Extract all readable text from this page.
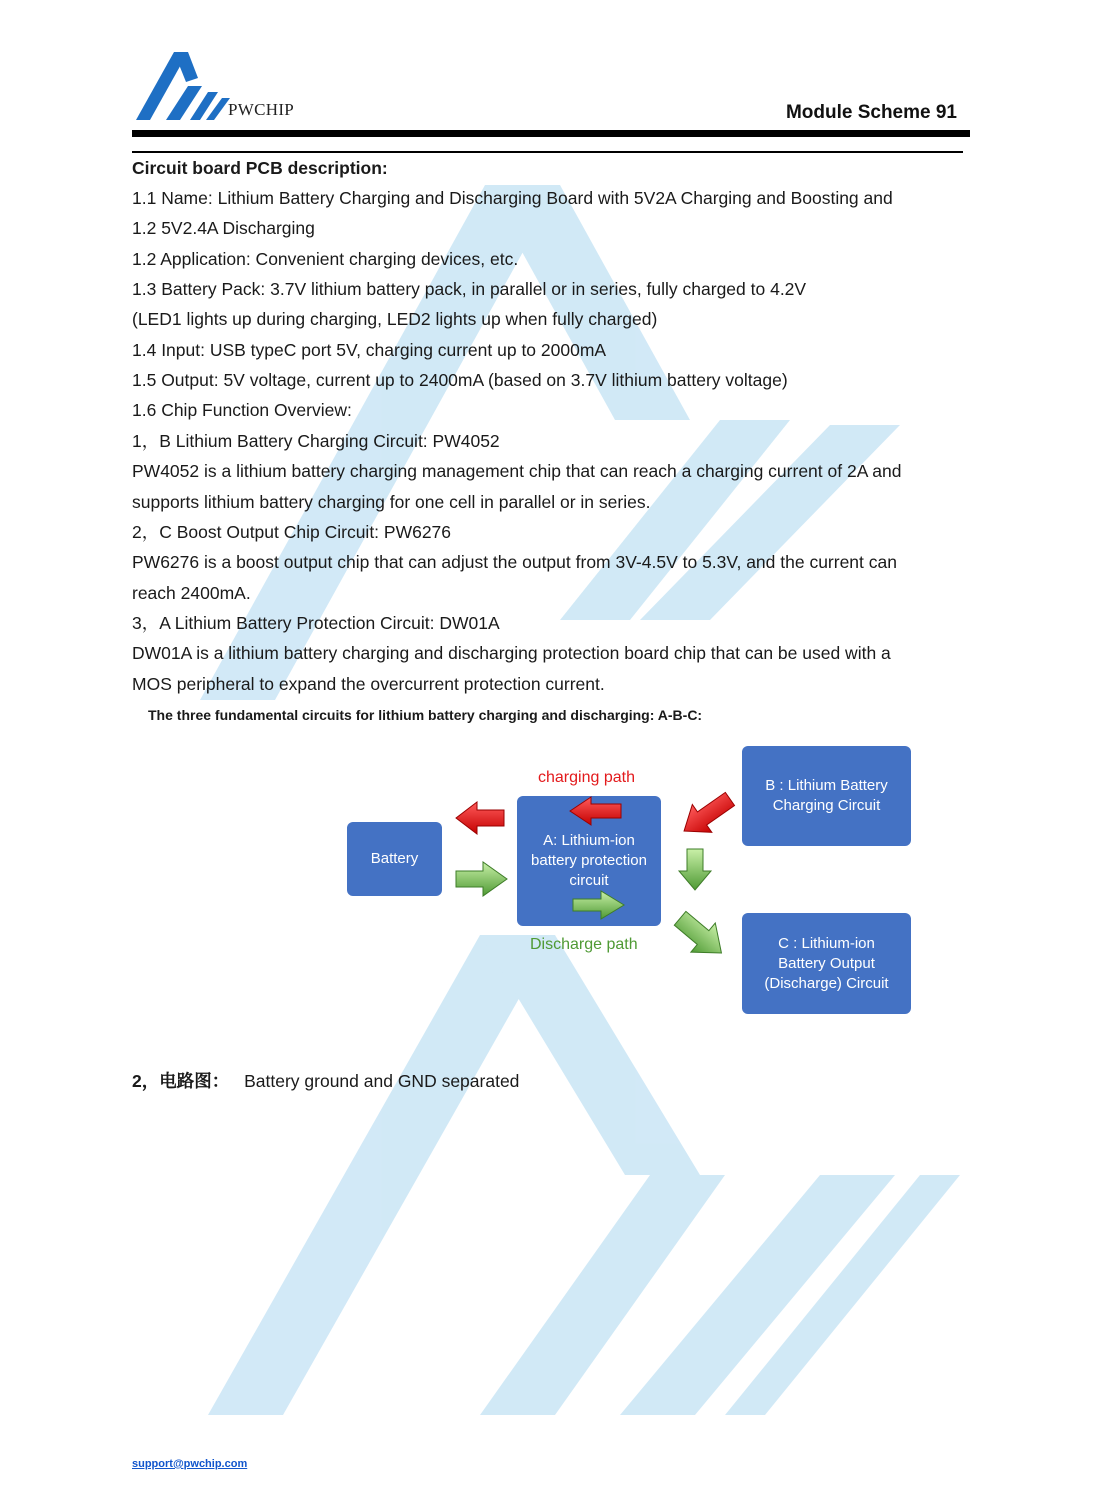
PWCHIP	Module Scheme 91
Circuit board PCB description:
1.1 Name: Lithium Battery Charging and Discharging Board with 5V2A Charging and Boosting and
1.2 5V2.4A Discharging
1.2 Application: Convenient charging devices, etc.
1.3 Battery Pack: 3.7V lithium battery pack, in parallel or in series, fully charged to 4.2V
(LED1 lights up during charging, LED2 lights up when fully charged)
1.4 Input: USB typeC port 5V, charging current up to 2000mA
1.5 Output: 5V voltage, current up to 2400mA (based on 3.7V lithium battery voltage)
1.6 Chip Function Overview:
1，B Lithium Battery Charging Circuit: PW4052
PW4052 is a lithium battery charging management chip that can reach a charging current of 2A and
supports lithium battery charging for one cell in parallel or in series.
2，C Boost Output Chip Circuit: PW6276
PW6276 is a boost output chip that can adjust the output from 3V-4.5V to 5.3V, and the current can
reach 2400mA.
3，A Lithium Battery Protection Circuit: DW01A
DW01A is a lithium battery charging and discharging protection board chip that can be used with a
MOS peripheral to expand the overcurrent protection current.
The three fundamental circuits for lithium battery charging and discharging: A-B-C:
Battery
A: Lithium-ion battery protection circuit
B : Lithium Battery Charging Circuit
C : Lithium-ion Battery Output (Discharge) Circuit
charging path
Discharge path
2，电路图： Battery ground and GND separated
support@pwchip.com
